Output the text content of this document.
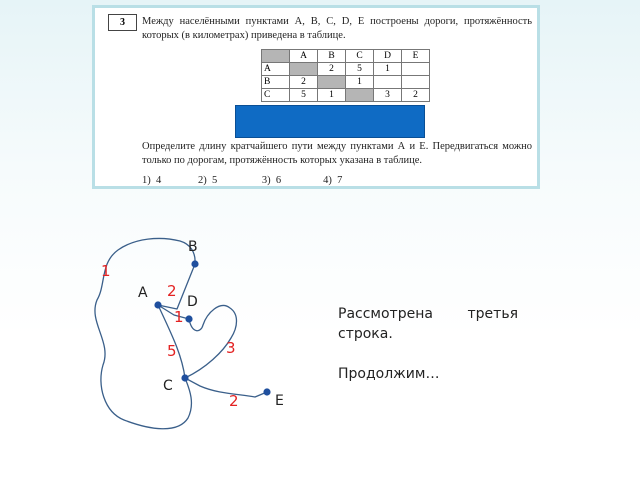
3	Между населёнными пунктами А, В, С, D, Е построены дороги, протяжённость которых (в километрах) приведена в таблице.
	A	B	C	D	E
A		2	5	1	
B	2		1		
C	5	1		3	2
Определите длину кратчайшего пути между пунктами А и Е. Передвигаться можно только по дорогам, протяжённость которых указана в таблице.
1)  4	2)  5	3)  6	4)  7
B
A
D
C
E
1
2
1
3
5
2
Рассмотрена третья
строка.
Продолжим…
